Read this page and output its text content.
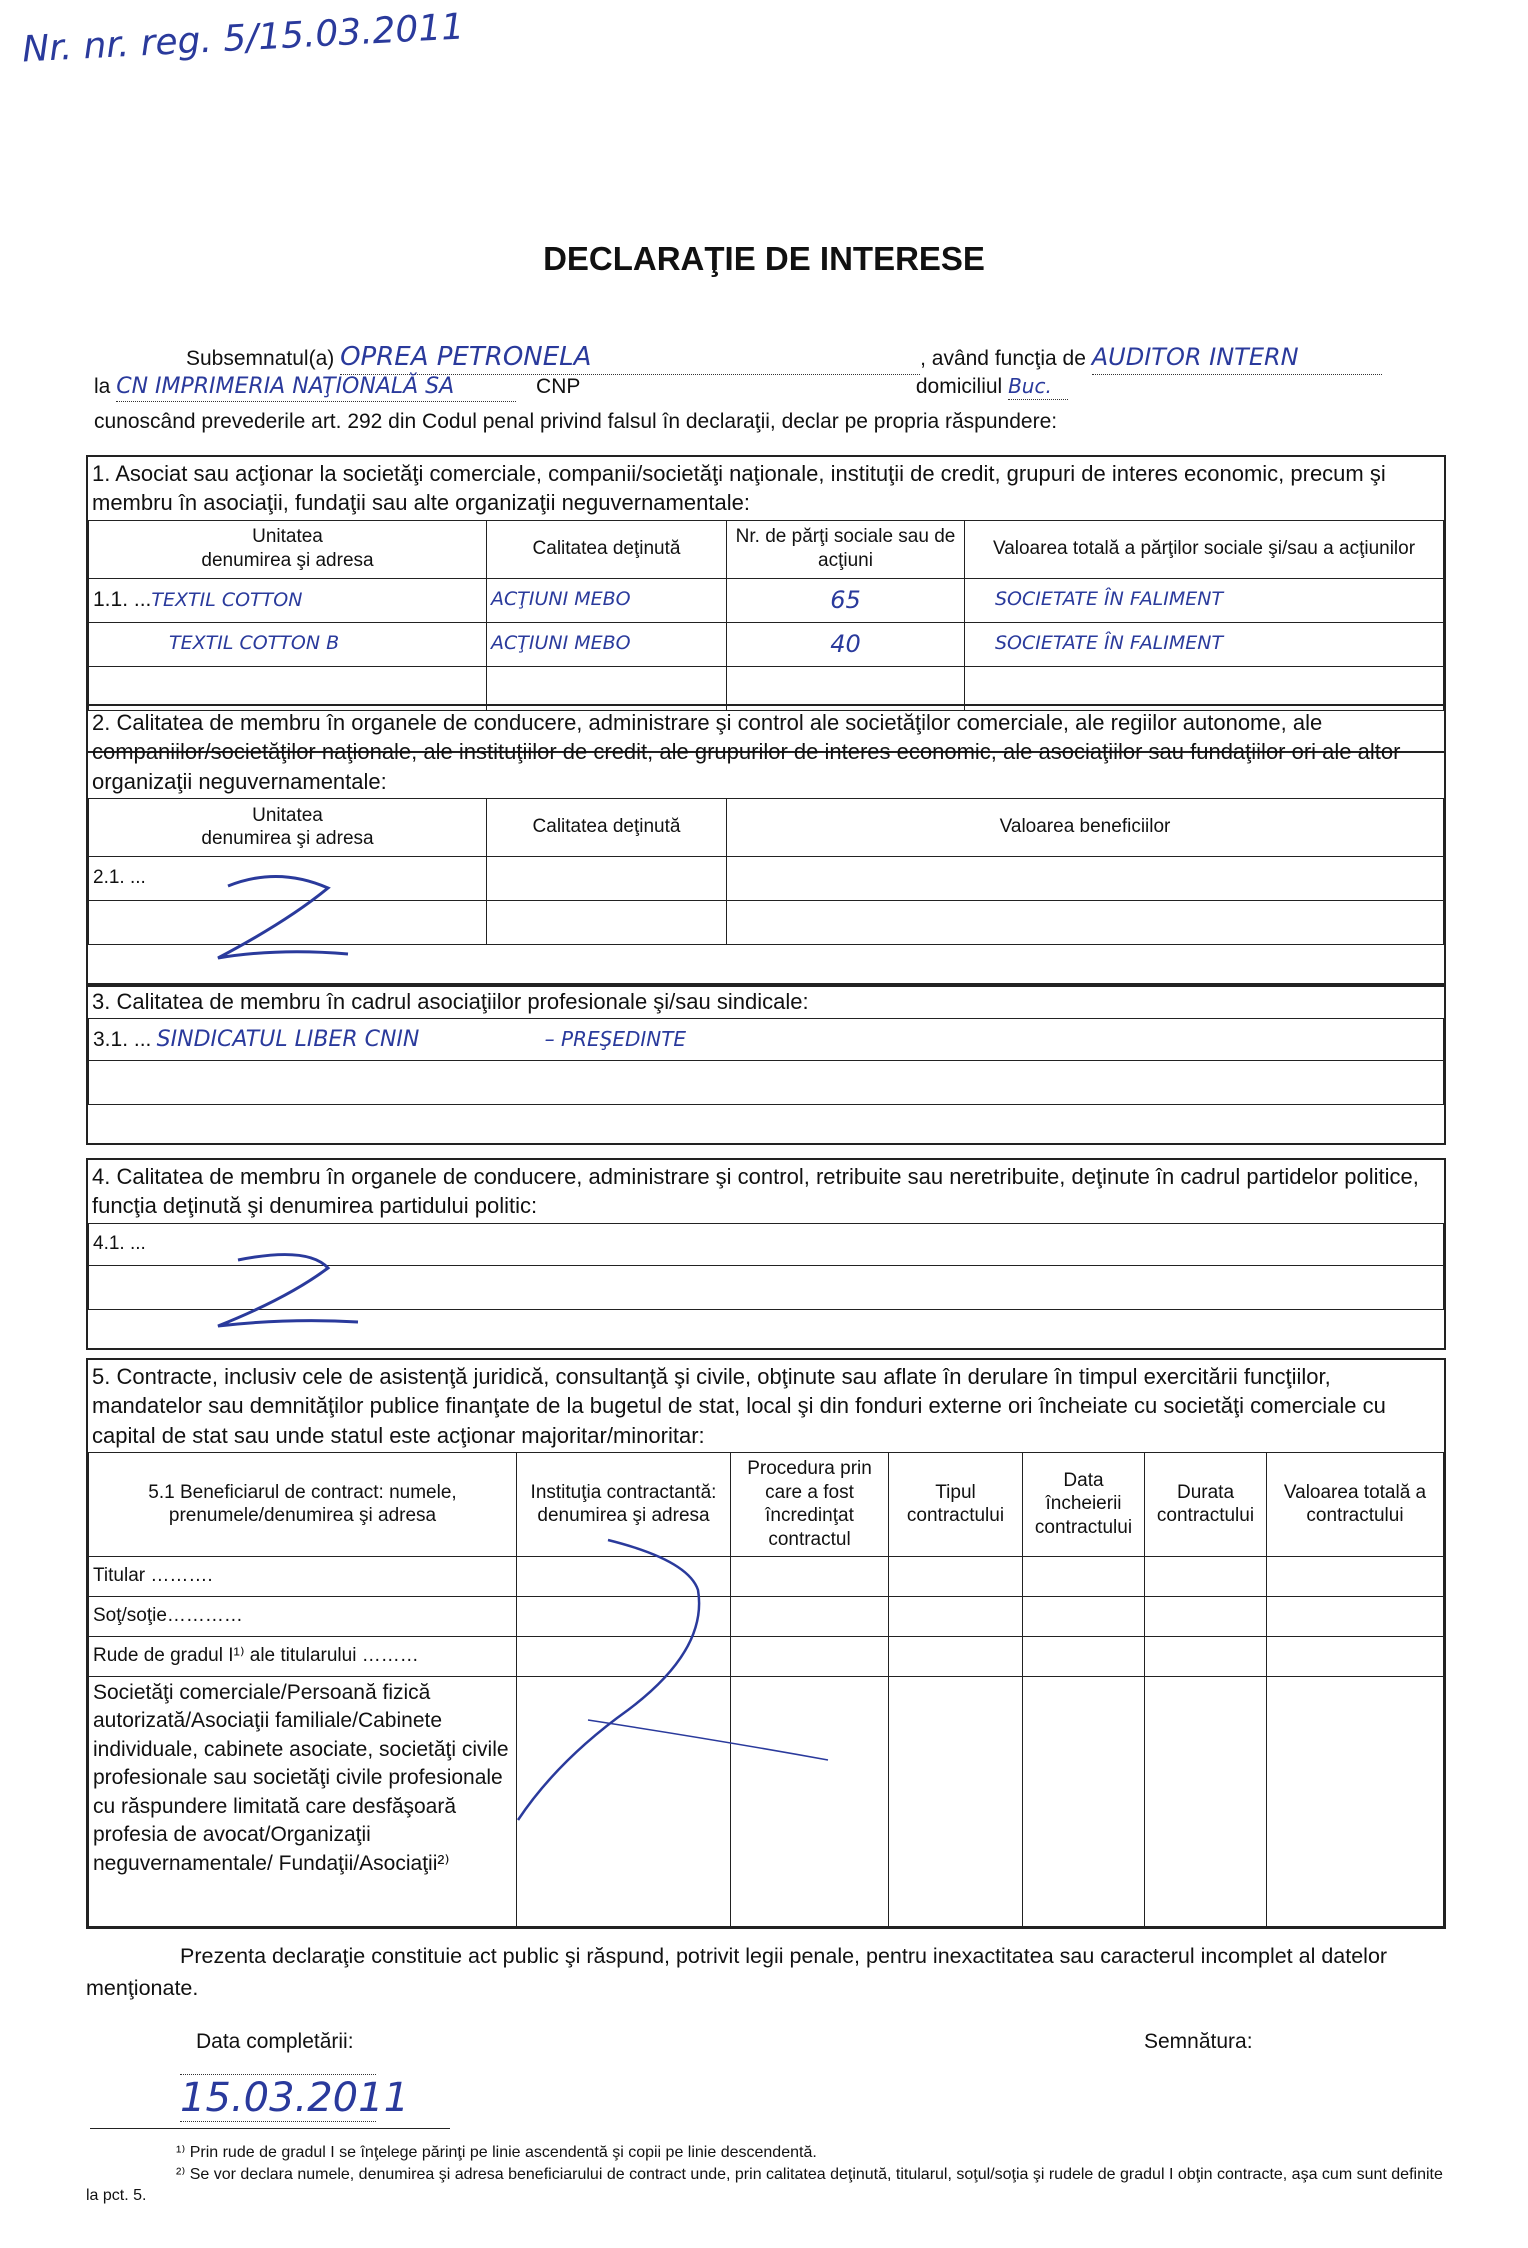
Nr. nr. reg. 5/15.03.2011
DECLARAŢIE DE INTERESE
Subsemnatul(a) OPREA PETRONELA	, având funcţia de AUDITOR INTERN
la CN IMPRIMERIA NAŢIONALĂ SA	CNP	domiciliul Buc.
cunoscând prevederile art. 292 din Codul penal privind falsul în declaraţii, declar pe propria răspundere:
1. Asociat sau acţionar la societăţi comerciale, companii/societăţi naţionale, instituţii de credit, grupuri de interes economic, precum şi membru în asociaţii, fundaţii sau alte organizaţii neguvernamentale:
Unitatea
denumirea şi adresa	Calitatea deţinută	Nr. de părţi sociale sau de acţiuni	Valoarea totală a părţilor sociale şi/sau a acţiunilor
1.1. ...TEXTIL COTTON	ACŢIUNI MEBO	65	SOCIETATE ÎN FALIMENT
TEXTIL COTTON B	ACŢIUNI MEBO	40	SOCIETATE ÎN FALIMENT

2. Calitatea de membru în organele de conducere, administrare şi control ale societăţilor comerciale, ale regiilor autonome, ale companiilor/societăţilor naţionale, ale instituţiilor de credit, ale grupurilor de interes economic, ale asociaţiilor sau fundaţiilor ori ale altor organizaţii neguvernamentale:
Unitatea
denumirea şi adresa	Calitatea deţinută	Valoarea beneficiilor
2.1. ...		

3. Calitatea de membru în cadrul asociaţiilor profesionale şi/sau sindicale:
3.1. ... SINDICATUL LIBER CNIN	– PREŞEDINTE

4. Calitatea de membru în organele de conducere, administrare şi control, retribuite sau neretribuite, deţinute în cadrul partidelor politice, funcţia deţinută şi denumirea partidului politic:
4.1. ...

5. Contracte, inclusiv cele de asistenţă juridică, consultanţă şi civile, obţinute sau aflate în derulare în timpul exercitării funcţiilor, mandatelor sau demnităţilor publice finanţate de la bugetul de stat, local şi din fonduri externe ori încheiate cu societăţi comerciale cu capital de stat sau unde statul este acţionar majoritar/minoritar:
5.1 Beneficiarul de contract: numele, prenumele/denumirea şi adresa	Instituţia contractantă: denumirea şi adresa	Procedura prin care a fost încredinţat contractul	Tipul contractului	Data încheierii contractului	Durata contractului	Valoarea totală a contractului
Titular ……….						
Soţ/soţie…………						
Rude de gradul I¹⁾ ale titularului ………						
Societăţi comerciale/Persoană fizică autorizată/Asociaţii familiale/Cabinete individuale, cabinete asociate, societăţi civile profesionale sau societăţi civile profesionale cu răspundere limitată care desfăşoară profesia de avocat/Organizaţii neguvernamentale/ Fundaţii/Asociaţii²⁾						
Prezenta declaraţie constituie act public şi răspund, potrivit legii penale, pentru inexactitatea sau caracterul incomplet al datelor menţionate.
Data completării:	Semnătura:
15.03.2011
¹⁾ Prin rude de gradul I se înţelege părinţi pe linie ascendentă şi copii pe linie descendentă.
²⁾ Se vor declara numele, denumirea şi adresa beneficiarului de contract unde, prin calitatea deţinută, titularul, soţul/soţia şi rudele de gradul I obţin contracte, aşa cum sunt definite la pct. 5.
